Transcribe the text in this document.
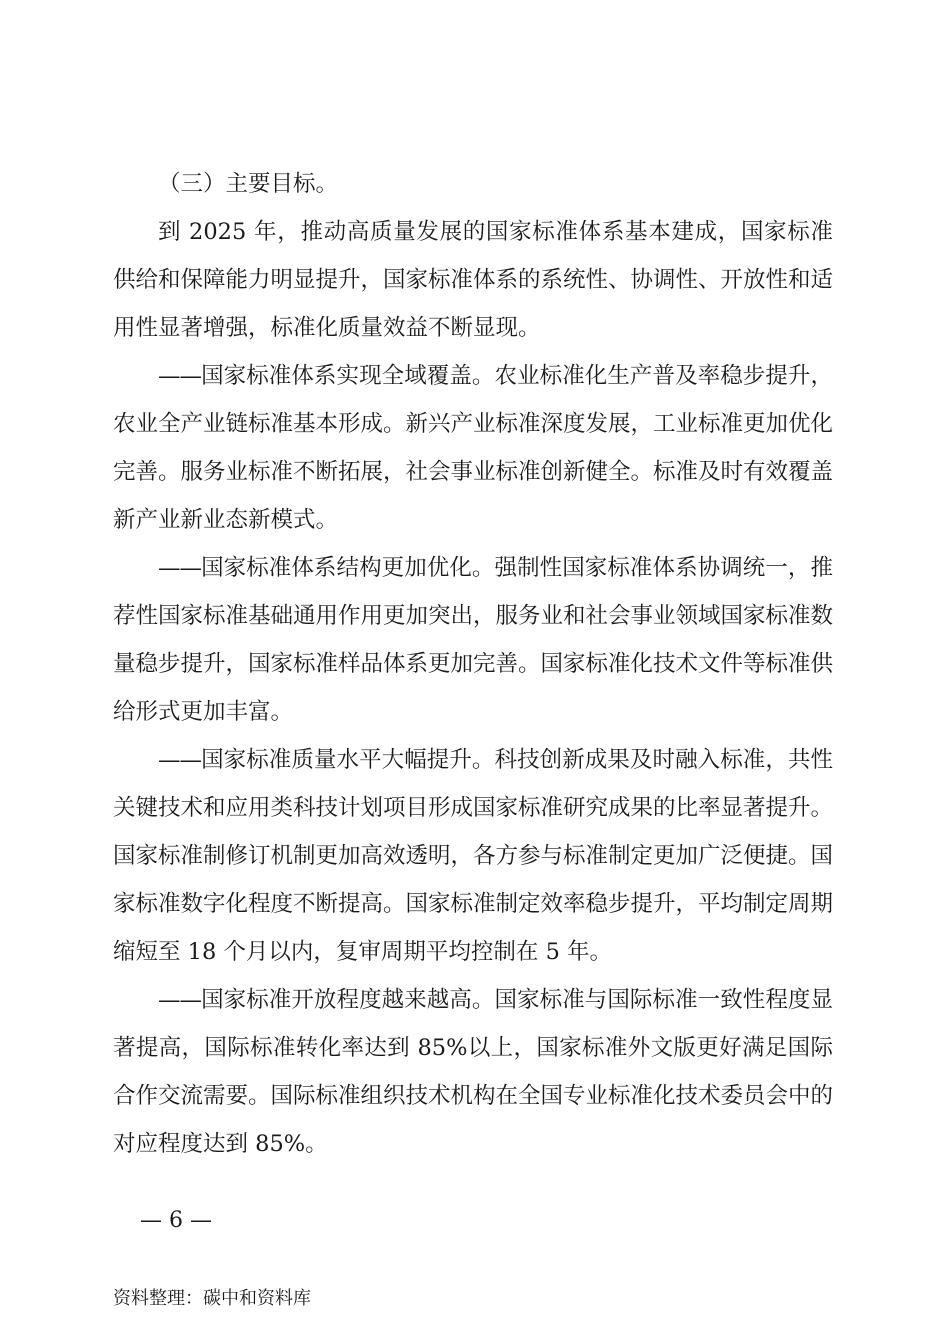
（三）主要目标。

到 2025 年，推动高质量发展的国家标准体系基本建成，国家标准供给和保障能力明显提升，国家标准体系的系统性、协调性、开放性和适用性显著增强，标准化质量效益不断显现。

——国家标准体系实现全域覆盖。农业标准化生产普及率稳步提升，农业全产业链标准基本形成。新兴产业标准深度发展，工业标准更加优化完善。服务业标准不断拓展，社会事业标准创新健全。标准及时有效覆盖新产业新业态新模式。

——国家标准体系结构更加优化。强制性国家标准体系协调统一，推荐性国家标准基础通用作用更加突出，服务业和社会事业领域国家标准数量稳步提升，国家标准样品体系更加完善。国家标准化技术文件等标准供给形式更加丰富。

——国家标准质量水平大幅提升。科技创新成果及时融入标准，共性关键技术和应用类科技计划项目形成国家标准研究成果的比率显著提升。国家标准制修订机制更加高效透明，各方参与标准制定更加广泛便捷。国家标准数字化程度不断提高。国家标准制定效率稳步提升，平均制定周期缩短至 18 个月以内，复审周期平均控制在 5 年。

——国家标准开放程度越来越高。国家标准与国际标准一致性程度显著提高，国际标准转化率达到 85%以上，国家标准外文版更好满足国际合作交流需要。国际标准组织技术机构在全国专业标准化技术委员会中的对应程度达到 85%。

— 6 —
资料整理：碳中和资料库
